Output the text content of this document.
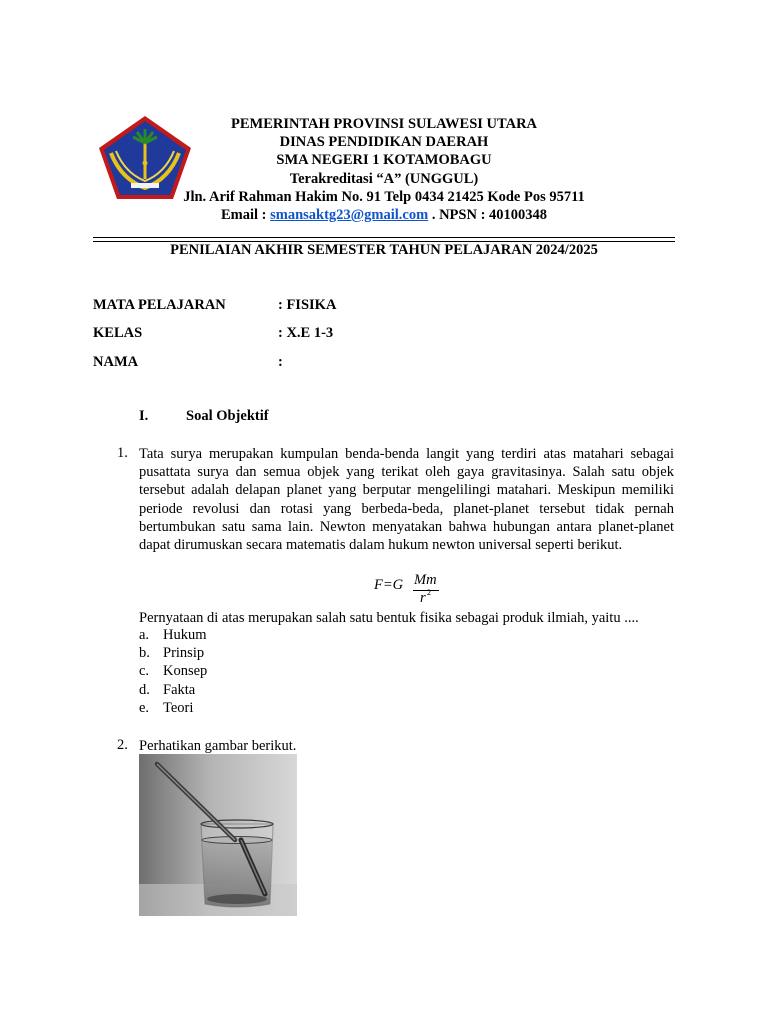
PEMERINTAH PROVINSI SULAWESI UTARA
DINAS PENDIDIKAN DAERAH
SMA NEGERI 1 KOTAMOBAGU
Terakreditasi “A” (UNGGUL)
Jln. Arif Rahman Hakim No. 91 Telp 0434 21425 Kode Pos 95711
Email : smansaktg23@gmail.com . NPSN : 40100348
PENILAIAN AKHIR SEMESTER TAHUN PELAJARAN 2024/2025
MATA PELAJARAN	: FISIKA
KELAS	: X.E 1-3
NAMA	:
I.	Soal Objektif
1. Tata surya merupakan kumpulan benda-benda langit yang terdiri atas matahari sebagai pusattata surya dan semua objek yang terikat oleh gaya gravitasinya. Salah satu objek tersebut adalah delapan planet yang berputar mengelilingi matahari. Meskipun memiliki periode revolusi dan rotasi yang berbeda-beda, planet-planet tersebut tidak pernah bertumbukan satu sama lain. Newton menyatakan bahwa hubungan antara planet-planet dapat dirumuskan secara matematis dalam hukum newton universal seperti berikut.
F=G Mm
r 2
Pernyataan di atas merupakan salah satu bentuk fisika sebagai produk ilmiah, yaitu ....
a. Hukum
b. Prinsip
c. Konsep
d. Fakta
e. Teori
2. Perhatikan gambar berikut.
